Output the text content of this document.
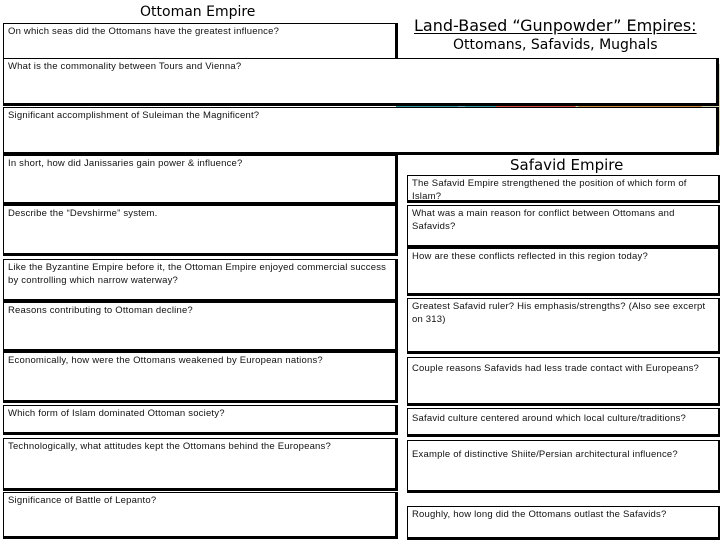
Ottoman Empire
Land-Based “Gunpowder” Empires:
Ottomans, Safavids, Mughals
Safavid Empire
On which seas did the Ottomans have the greatest influence?
What is the commonality between Tours and Vienna?
Significant accomplishment of Suleiman the Magnificent?
In short, how did Janissaries gain power & influence?
Describe the “Devshirme” system.
Like the Byzantine Empire before it, the Ottoman Empire enjoyed commercial success by controlling which narrow waterway?
Reasons contributing to Ottoman decline?
Economically, how were the Ottomans weakened by European nations?
Which form of Islam dominated Ottoman society?
Technologically, what attitudes kept the Ottomans behind the Europeans?
Significance of Battle of Lepanto?
The Safavid Empire strengthened the position of which form of Islam?
What was a main reason for conflict between Ottomans and Safavids?
How are these conflicts reflected in this region today?
Greatest Safavid ruler? His emphasis/strengths? (Also see excerpt on 313)
Couple reasons Safavids had less trade contact with Europeans?
Safavid culture centered around which local culture/traditions?
Example of distinctive Shiite/Persian architectural influence?
Roughly, how long did the Ottomans outlast the Safavids?
